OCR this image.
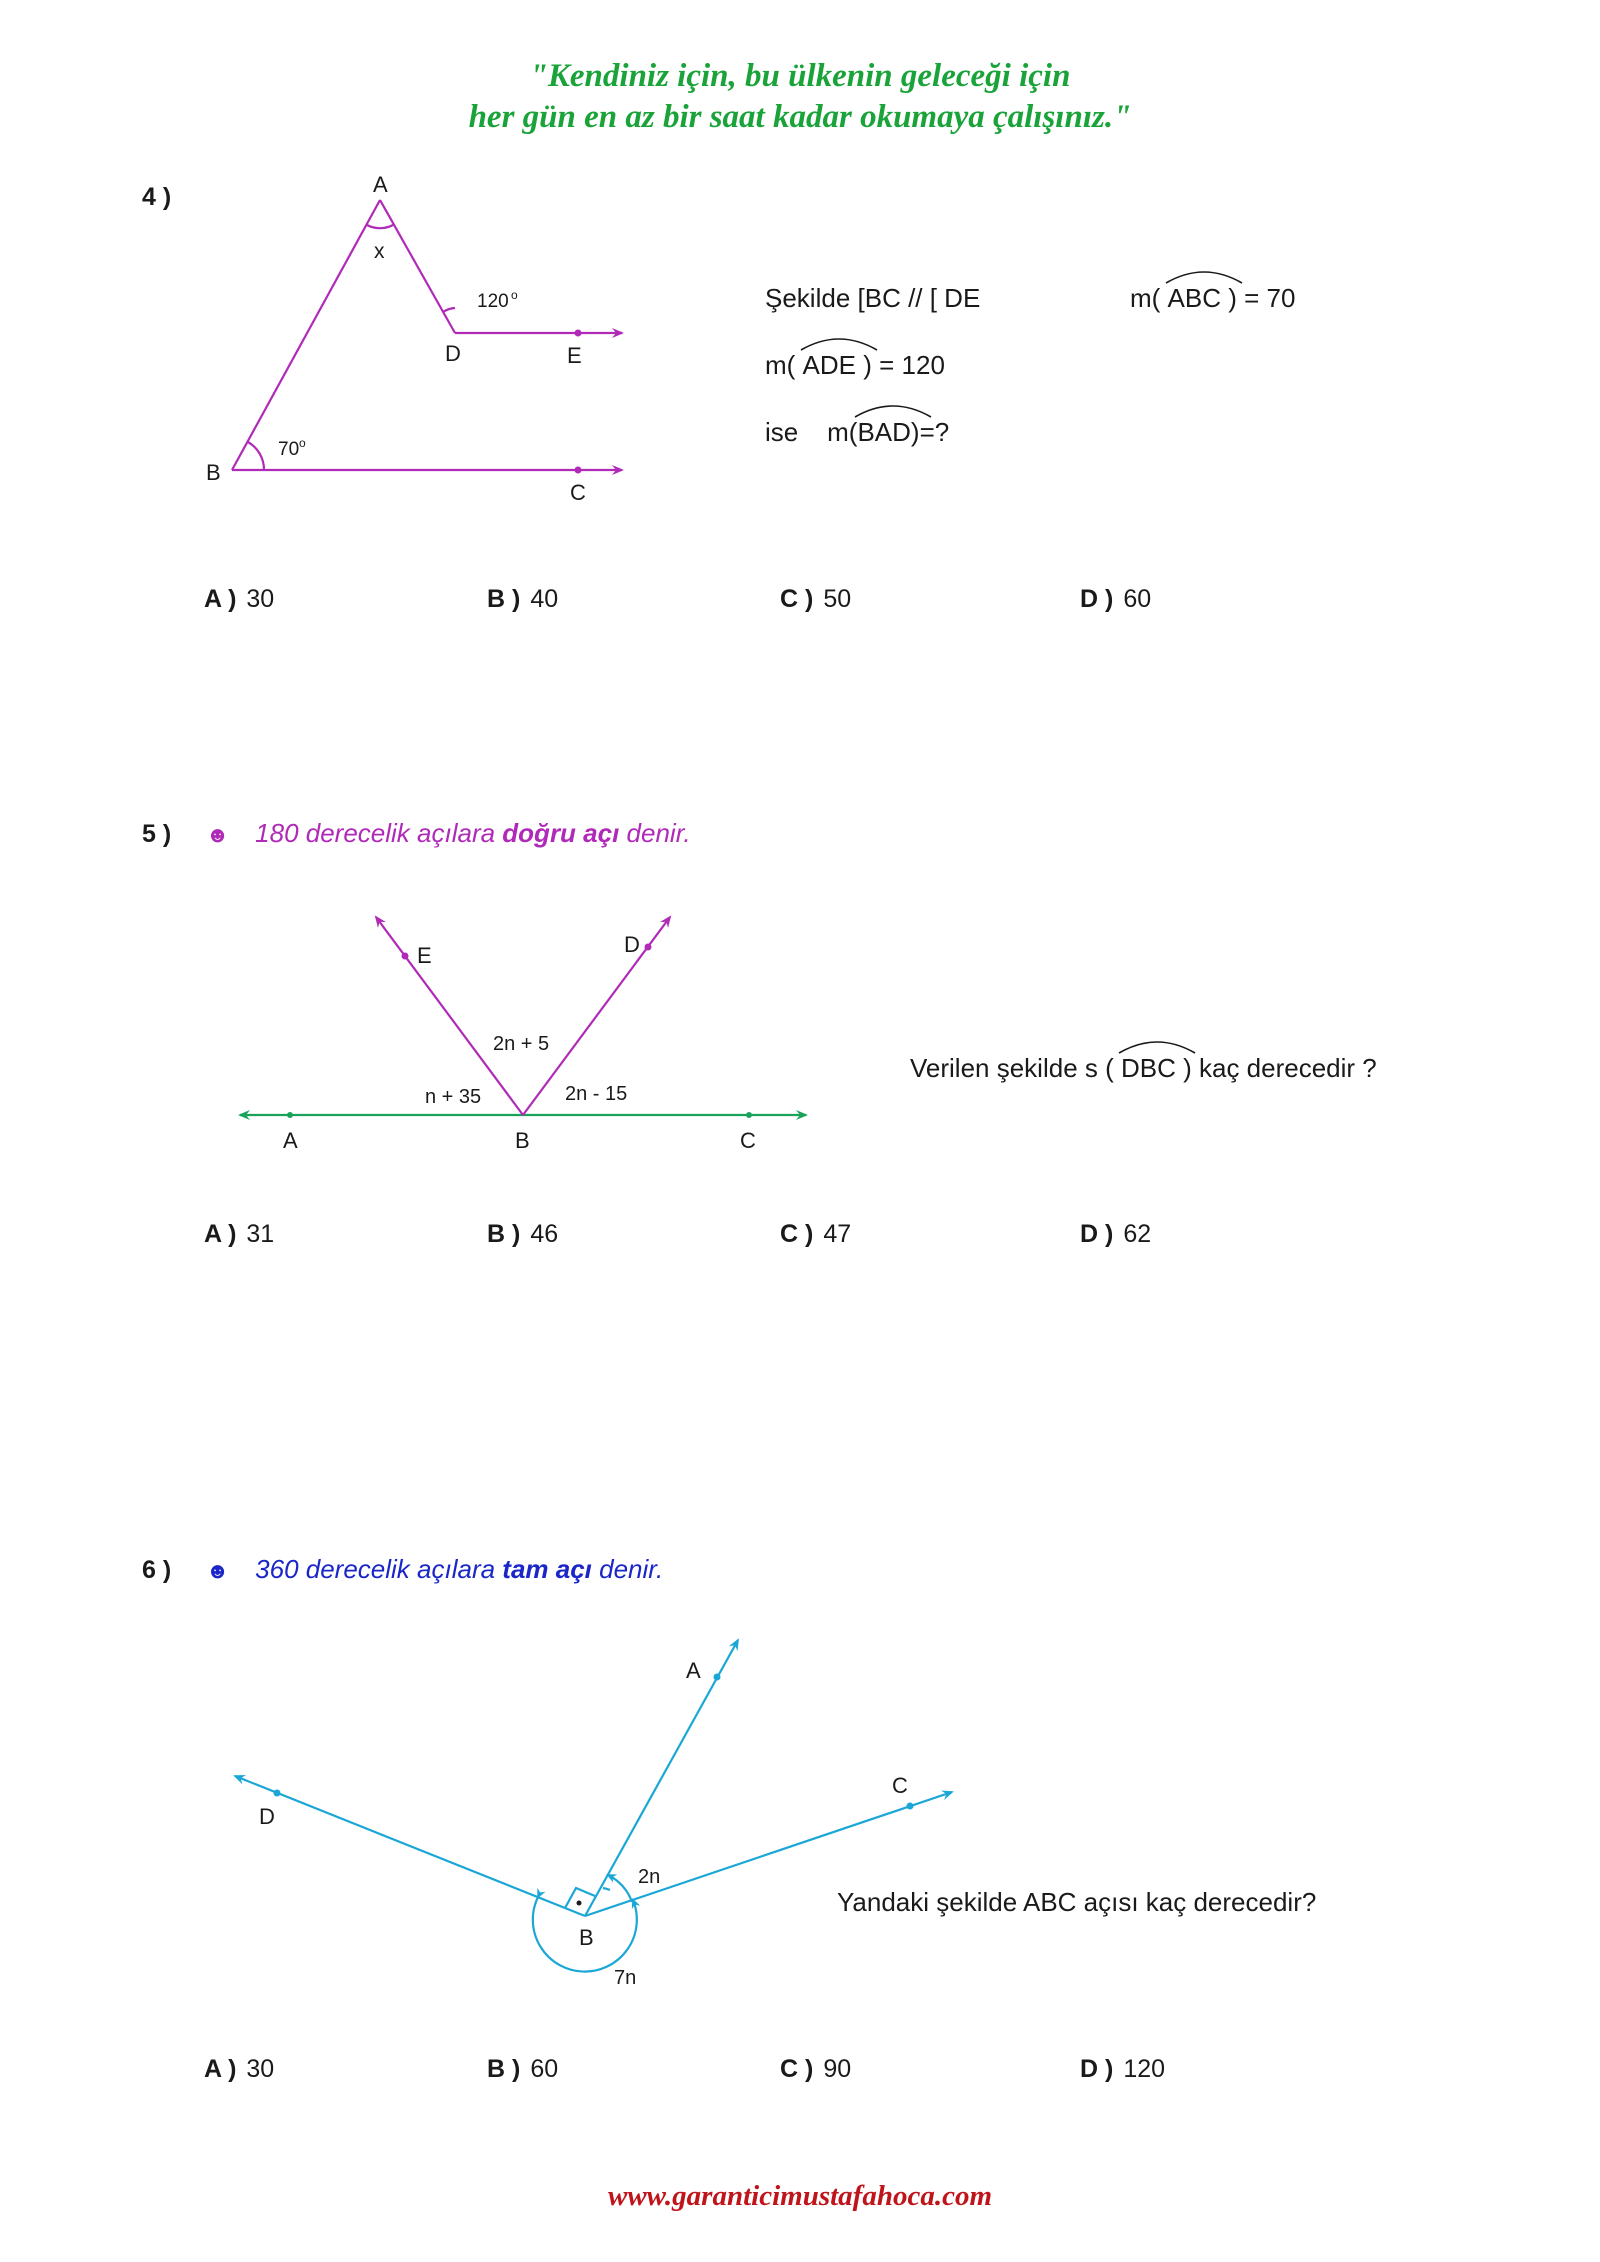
"Kendiniz için, bu ülkenin geleceği için
her gün en az bir saat kadar okumaya çalışınız."
4 )	A
B
C
D	E
x
120 o
70 o
Şekilde [BC // [ DE	m(
ABC ) = 70
m(
ADE ) = 120
ise    m(
BAD)=?
A ) 30	B ) 40	C ) 50	D ) 60
5 ) ☻ 180 derecelik açılara doğru açı denir.
E	D
A	B	C
2n + 5
n + 35	2n - 15
Verilen şekilde s (
DBC ) kaç derecedir ?
A ) 31	B ) 46	C ) 47	D ) 62
6 ) ☻ 360 derecelik açılara tam açı denir.
A
D
C
B
2n
7n
Yandaki şekilde ABC açısı kaç derecedir?
A ) 30	B ) 60	C ) 90	D ) 120
www.garanticimustafahoca.com
